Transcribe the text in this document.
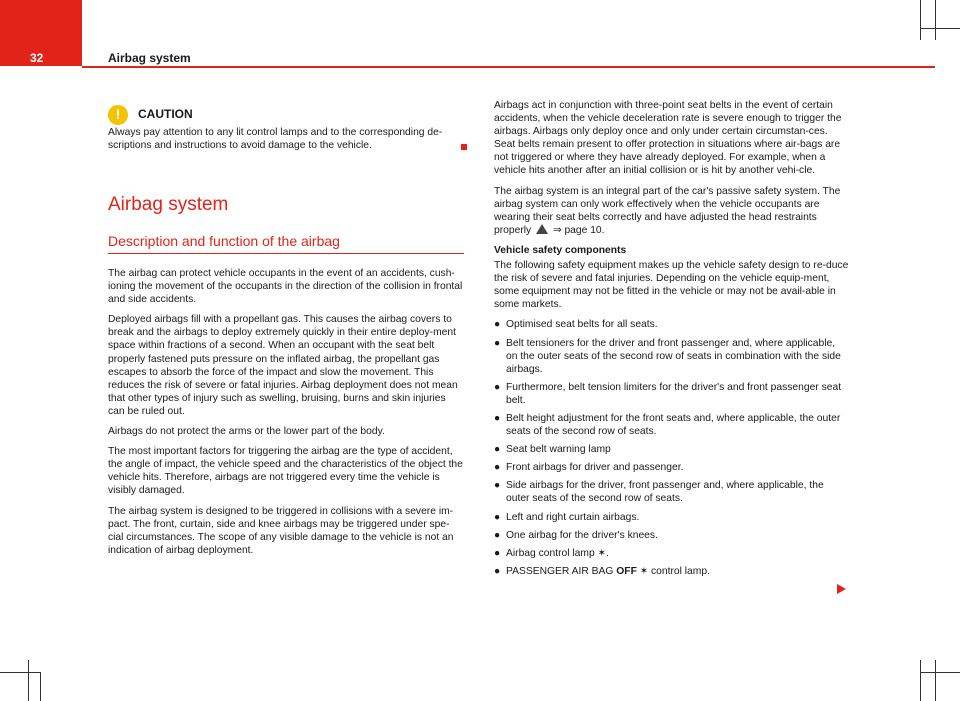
32	Airbag system
!	CAUTION

Always pay attention to any lit control lamps and to the corresponding de-scriptions and instructions to avoid damage to the vehicle.

Airbag system
Description and function of the airbag

The airbag can protect vehicle occupants in the event of an accidents, cush-ioning the movement of the occupants in the direction of the collision in frontal and side accidents.

Deployed airbags fill with a propellant gas. This causes the airbag covers to break and the airbags to deploy extremely quickly in their entire deploy-ment space within fractions of a second. When an occupant with the seat belt properly fastened puts pressure on the inflated airbag, the propellant gas escapes to absorb the force of the impact and slow the movement. This reduces the risk of severe or fatal injuries. Airbag deployment does not mean that other types of injury such as swelling, bruising, burns and skin injuries can be ruled out.

Airbags do not protect the arms or the lower part of the body.

The most important factors for triggering the airbag are the type of accident, the angle of impact, the vehicle speed and the characteristics of the object the vehicle hits. Therefore, airbags are not triggered every time the vehicle is visibly damaged.

The airbag system is designed to be triggered in collisions with a severe im-pact. The front, curtain, side and knee airbags may be triggered under spe-cial circumstances. The scope of any visible damage to the vehicle is not an indication of airbag deployment.

Airbags act in conjunction with three-point seat belts in the event of certain accidents, when the vehicle deceleration rate is severe enough to trigger the airbags. Airbags only deploy once and only under certain circumstan-ces. Seat belts remain present to offer protection in situations where air-bags are not triggered or where they have already deployed. For example, when a vehicle hits another after an initial collision or is hit by another vehi-cle.

The airbag system is an integral part of the car's passive safety system. The airbag system can only work effectively when the vehicle occupants are wearing their seat belts correctly and have adjusted the head restraints properly ⇒ page 10.

Vehicle safety components

The following safety equipment makes up the vehicle safety design to re-duce the risk of severe and fatal injuries. Depending on the vehicle equip-ment, some equipment may not be fitted in the vehicle or may not be avail-able in some markets.

● Optimised seat belts for all seats.
● Belt tensioners for the driver and front passenger and, where applicable, on the outer seats of the second row of seats in combination with the side airbags.
● Furthermore, belt tension limiters for the driver's and front passenger seat belt.
● Belt height adjustment for the front seats and, where applicable, the outer seats of the second row of seats.
● Seat belt warning lamp
● Front airbags for driver and passenger.
● Side airbags for the driver, front passenger and, where applicable, the outer seats of the second row of seats.
● Left and right curtain airbags.
● One airbag for the driver's knees.
● Airbag control lamp ✶.
● PASSENGER AIR BAG OFF ✶ control lamp.
